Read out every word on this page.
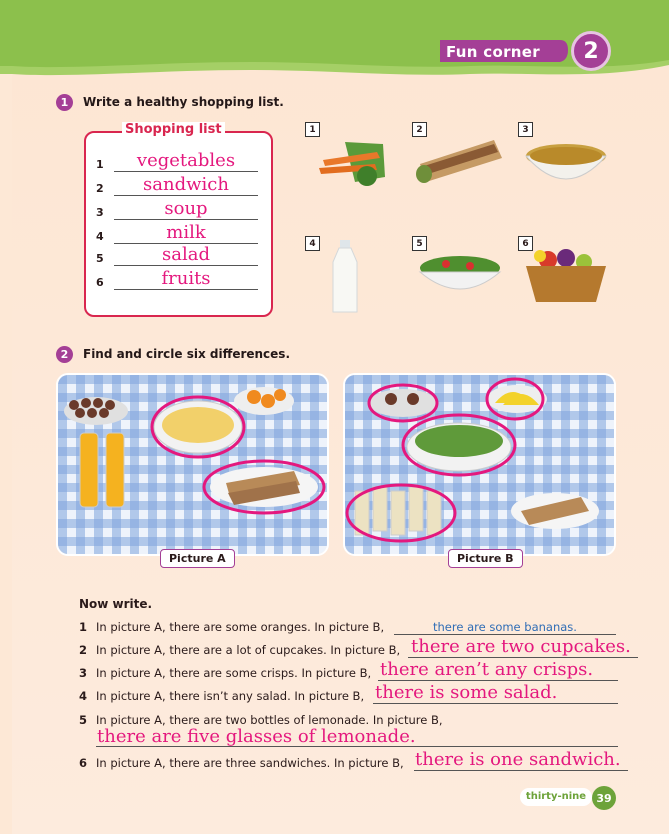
Fun corner	2
1	Write a healthy shopping list.
Shopping list
1	vegetables
2	sandwich
3	soup
4	milk
5	salad
6	fruits
1	2	3
4	5	6
2	Find and circle six differences.
Picture A	Picture B
Now write.
1 In picture A, there are some oranges. In picture B,	there are some bananas.
2 In picture A, there are a lot of cupcakes. In picture B, there are two cupcakes.
3 In picture A, there are some crisps. In picture B, there aren’t any crisps.
4 In picture A, there isn’t any salad. In picture B, there is some salad.
5 In picture A, there are two bottles of lemonade. In picture B,
there are five glasses of lemonade.
6 In picture A, there are three sandwiches. In picture B, there is one sandwich.
thirty-nine 39
